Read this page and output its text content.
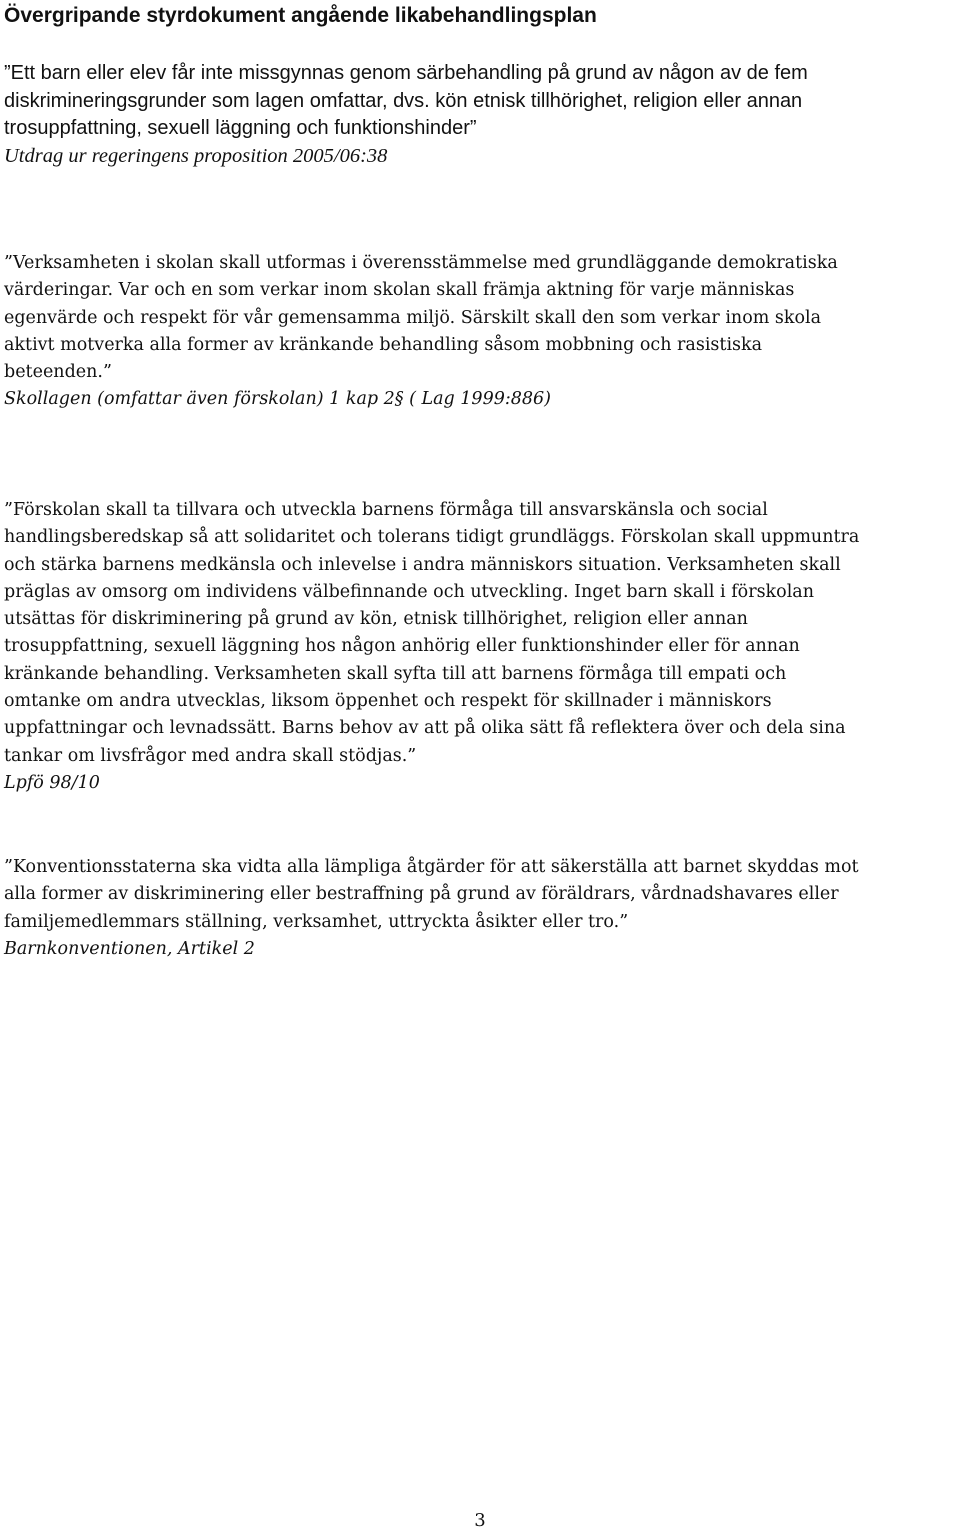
Övergripande styrdokument angående likabehandlingsplan
”Ett barn eller elev får inte missgynnas genom särbehandling på grund av någon av de fem
diskrimineringsgrunder som lagen omfattar, dvs. kön etnisk tillhörighet, religion eller annan
trosuppfattning, sexuell läggning och funktionshinder”
Utdrag ur regeringens proposition 2005/06:38
”Verksamheten i skolan skall utformas i överensstämmelse med grundläggande demokratiska
värderingar. Var och en som verkar inom skolan skall främja aktning för varje människas
egenvärde och respekt för vår gemensamma miljö. Särskilt skall den som verkar inom skola
aktivt motverka alla former av kränkande behandling såsom mobbning och rasistiska
beteenden.”
Skollagen (omfattar även förskolan) 1 kap 2§ ( Lag 1999:886)
”Förskolan skall ta tillvara och utveckla barnens förmåga till ansvarskänsla och social
handlingsberedskap så att solidaritet och tolerans tidigt grundläggs. Förskolan skall uppmuntra
och stärka barnens medkänsla och inlevelse i andra människors situation. Verksamheten skall
präglas av omsorg om individens välbefinnande och utveckling. Inget barn skall i förskolan
utsättas för diskriminering på grund av kön, etnisk tillhörighet, religion eller annan
trosuppfattning, sexuell läggning hos någon anhörig eller funktionshinder eller för annan
kränkande behandling. Verksamheten skall syfta till att barnens förmåga till empati och
omtanke om andra utvecklas, liksom öppenhet och respekt för skillnader i människors
uppfattningar och levnadssätt. Barns behov av att på olika sätt få reflektera över och dela sina
tankar om livsfrågor med andra skall stödjas.”
Lpfö 98/10
”Konventionsstaterna ska vidta alla lämpliga åtgärder för att säkerställa att barnet skyddas mot
alla former av diskriminering eller bestraffning på grund av föräldrars, vårdnadshavares eller
familjemedlemmars ställning, verksamhet, uttryckta åsikter eller tro.”
Barnkonventionen, Artikel 2
3
